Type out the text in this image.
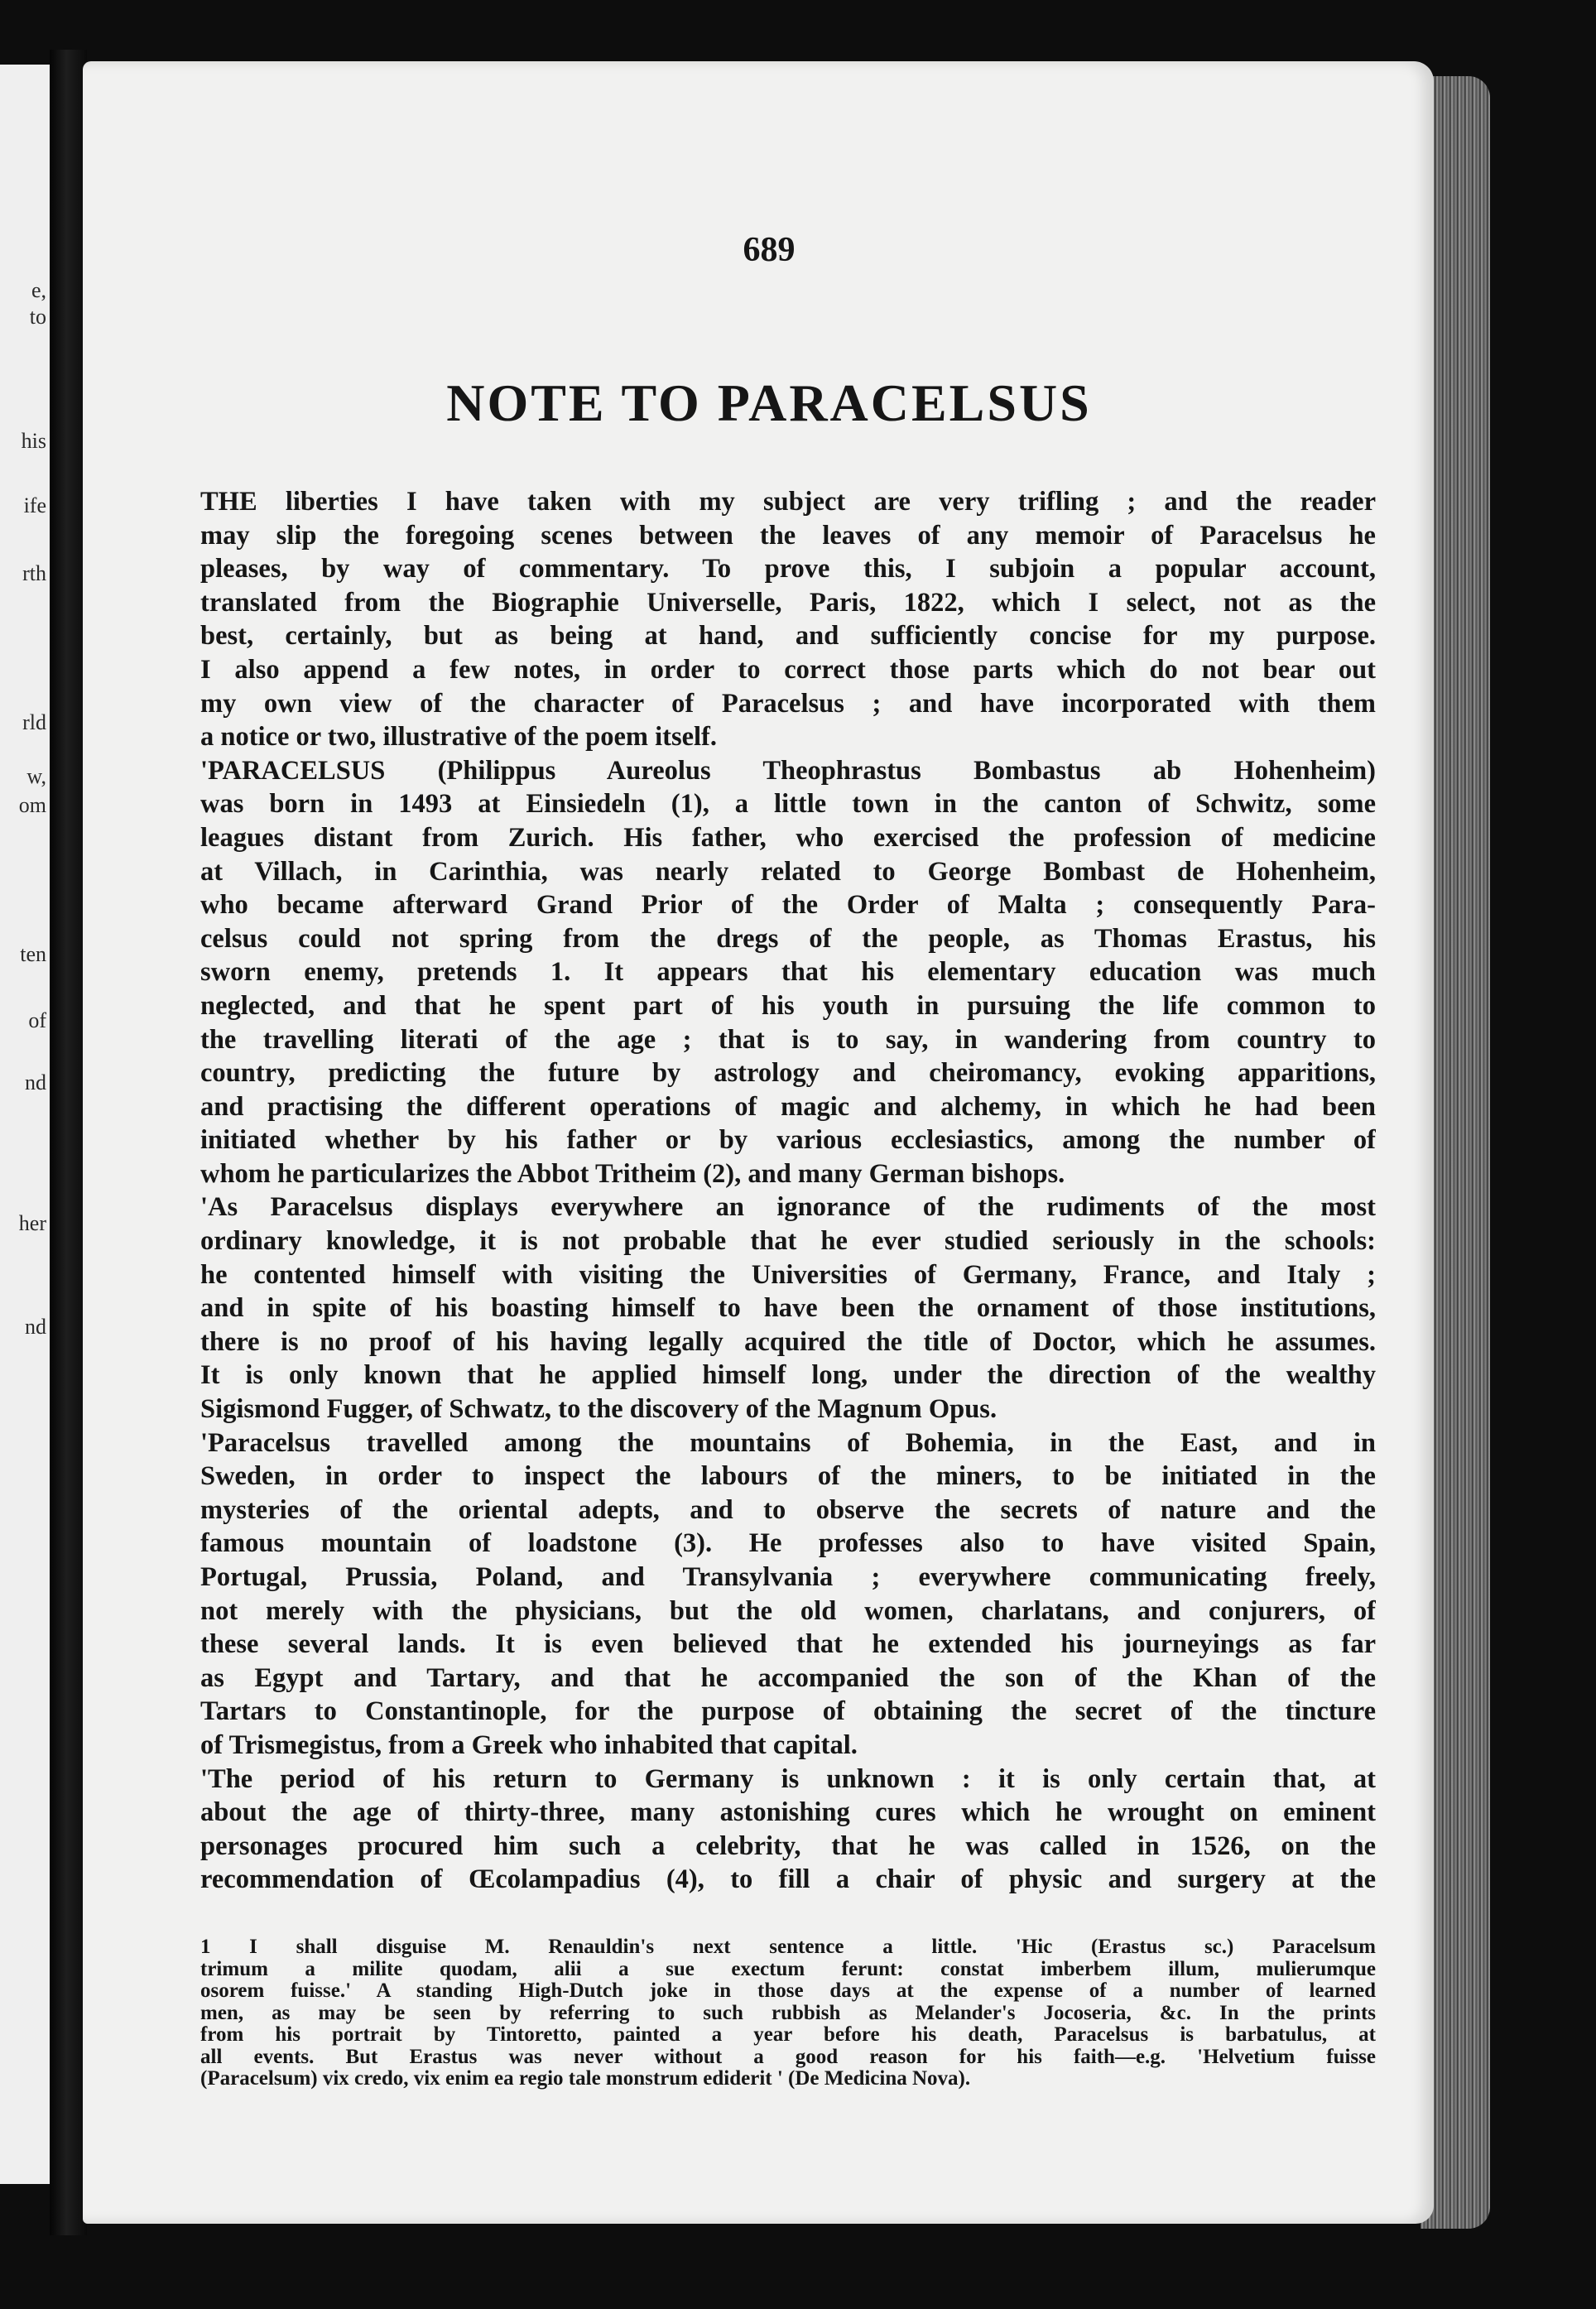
e,
to
his
ife
rth
rld
w,
om
ten
of
nd
her
nd
689
NOTE TO PARACELSUS
THE liberties I have taken with my subject are very trifling ; and the reader
may slip the foregoing scenes between the leaves of any memoir of Paracelsus he
pleases, by way of commentary. To prove this, I subjoin a popular account,
translated from the Biographie Universelle, Paris, 1822, which I select, not as the
best, certainly, but as being at hand, and sufficiently concise for my purpose.
I also append a few notes, in order to correct those parts which do not bear out
my own view of the character of Paracelsus ; and have incorporated with them
a notice or two, illustrative of the poem itself.
'PARACELSUS (Philippus Aureolus Theophrastus Bombastus ab Hohenheim)
was born in 1493 at Einsiedeln (1), a little town in the canton of Schwitz, some
leagues distant from Zurich. His father, who exercised the profession of medicine
at Villach, in Carinthia, was nearly related to George Bombast de Hohenheim,
who became afterward Grand Prior of the Order of Malta ; consequently Para-
celsus could not spring from the dregs of the people, as Thomas Erastus, his
sworn enemy, pretends 1. It appears that his elementary education was much
neglected, and that he spent part of his youth in pursuing the life common to
the travelling literati of the age ; that is to say, in wandering from country to
country, predicting the future by astrology and cheiromancy, evoking apparitions,
and practising the different operations of magic and alchemy, in which he had been
initiated whether by his father or by various ecclesiastics, among the number of
whom he particularizes the Abbot Tritheim (2), and many German bishops.
'As Paracelsus displays everywhere an ignorance of the rudiments of the most
ordinary knowledge, it is not probable that he ever studied seriously in the schools:
he contented himself with visiting the Universities of Germany, France, and Italy ;
and in spite of his boasting himself to have been the ornament of those institutions,
there is no proof of his having legally acquired the title of Doctor, which he assumes.
It is only known that he applied himself long, under the direction of the wealthy
Sigismond Fugger, of Schwatz, to the discovery of the Magnum Opus.
'Paracelsus travelled among the mountains of Bohemia, in the East, and in
Sweden, in order to inspect the labours of the miners, to be initiated in the
mysteries of the oriental adepts, and to observe the secrets of nature and the
famous mountain of loadstone (3). He professes also to have visited Spain,
Portugal, Prussia, Poland, and Transylvania ; everywhere communicating freely,
not merely with the physicians, but the old women, charlatans, and conjurers, of
these several lands. It is even believed that he extended his journeyings as far
as Egypt and Tartary, and that he accompanied the son of the Khan of the
Tartars to Constantinople, for the purpose of obtaining the secret of the tincture
of Trismegistus, from a Greek who inhabited that capital.
'The period of his return to Germany is unknown : it is only certain that, at
about the age of thirty-three, many astonishing cures which he wrought on eminent
personages procured him such a celebrity, that he was called in 1526, on the
recommendation of Œcolampadius (4), to fill a chair of physic and surgery at the
1 I shall disguise M. Renauldin's next sentence a little. 'Hic (Erastus sc.) Paracelsum
trimum a milite quodam, alii a sue exectum ferunt: constat imberbem illum, mulierumque
osorem fuisse.' A standing High-Dutch joke in those days at the expense of a number of learned
men, as may be seen by referring to such rubbish as Melander's Jocoseria, &c. In the prints
from his portrait by Tintoretto, painted a year before his death, Paracelsus is barbatulus, at
all events. But Erastus was never without a good reason for his faith—e.g. 'Helvetium fuisse
(Paracelsum) vix credo, vix enim ea regio tale monstrum ediderit ' (De Medicina Nova).
